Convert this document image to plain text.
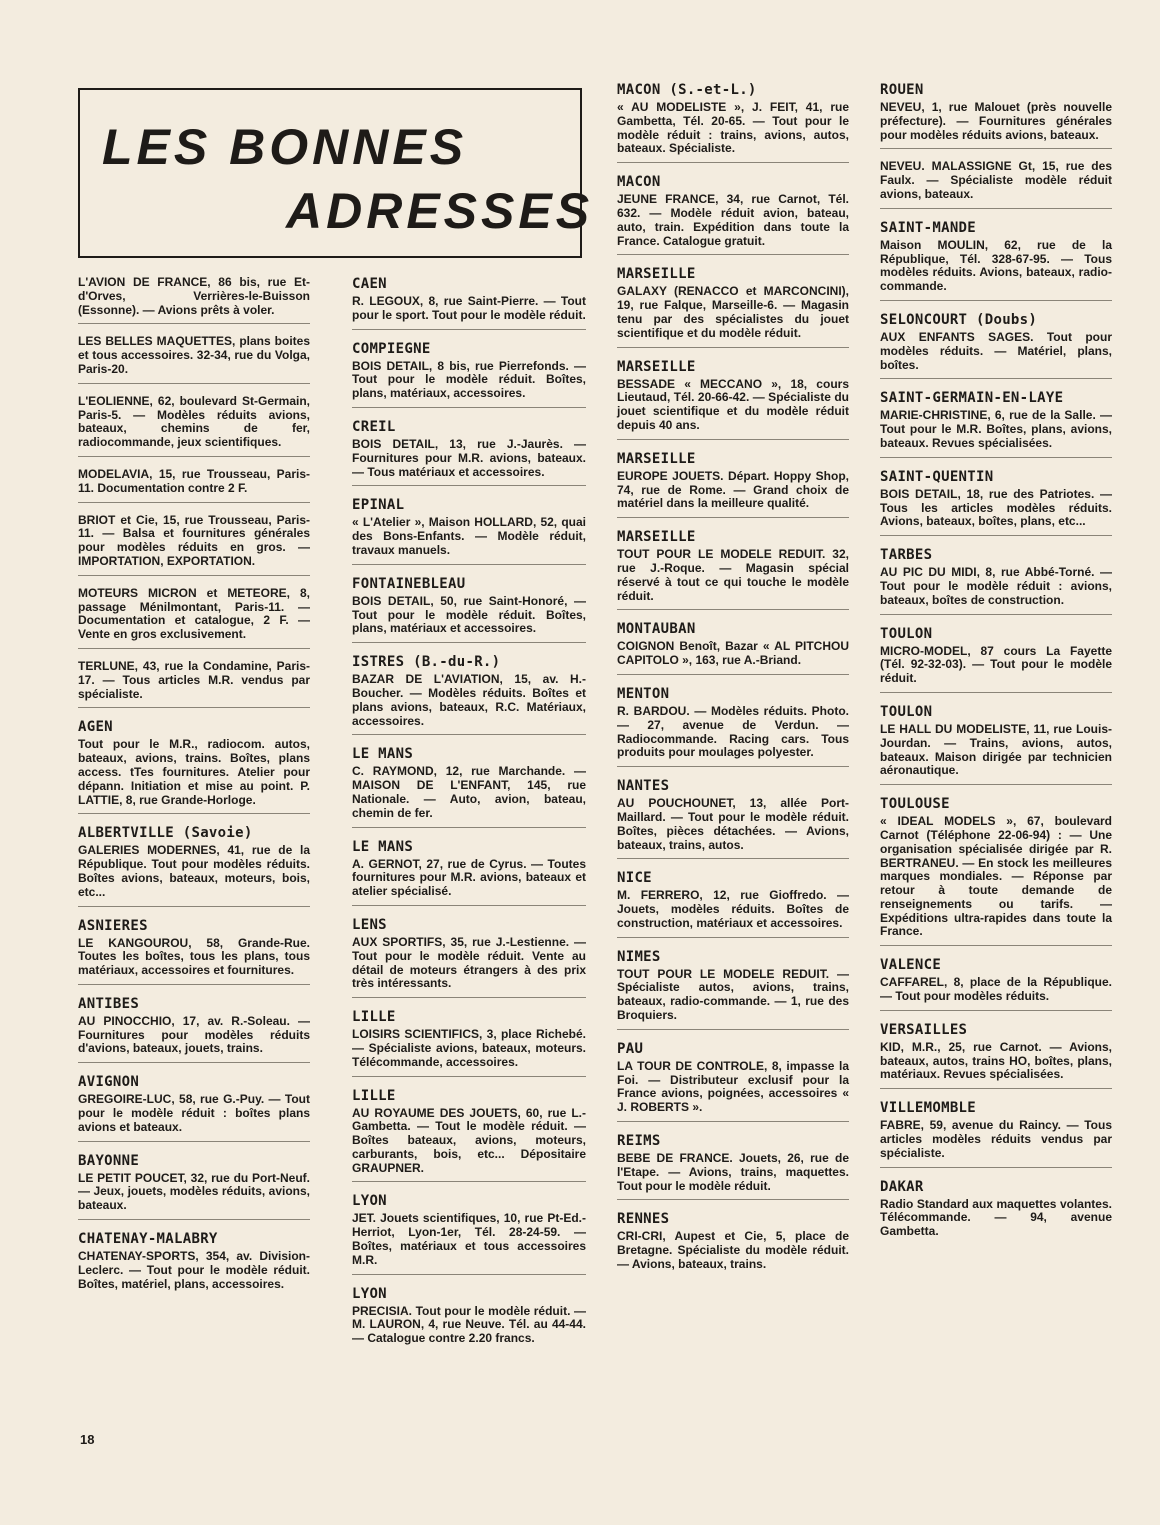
LES BONNES
ADRESSES

L'AVION DE FRANCE, 86 bis, rue Et-d'Orves, Verrières-le-Buisson (Essonne). — Avions prêts à voler.

LES BELLES MAQUETTES, plans boites et tous accessoires. 32-34, rue du Volga, Paris-20.

L'EOLIENNE, 62, boulevard St-Germain, Paris-5. — Modèles réduits avions, bateaux, chemins de fer, radiocommande, jeux scientifiques.

MODELAVIA, 15, rue Trousseau, Paris-11. Documentation contre 2 F.

BRIOT et Cie, 15, rue Trousseau, Paris-11. — Balsa et fournitures générales pour modèles réduits en gros. — IMPORTATION, EXPORTATION.

MOTEURS MICRON et METEORE, 8, passage Ménilmontant, Paris-11. — Documentation et catalogue, 2 F. — Vente en gros exclusivement.

TERLUNE, 43, rue la Condamine, Paris-17. — Tous articles M.R. vendus par spécialiste.

AGEN

Tout pour le M.R., radiocom. autos, bateaux, avions, trains. Boîtes, plans access. tTes fournitures. Atelier pour dépann. Initiation et mise au point. P. LATTIE, 8, rue Grande-Horloge.

ALBERTVILLE (Savoie)

GALERIES MODERNES, 41, rue de la République. Tout pour modèles réduits. Boîtes avions, bateaux, moteurs, bois, etc...

ASNIERES

LE KANGOUROU, 58, Grande-Rue. Toutes les boîtes, tous les plans, tous matériaux, accessoires et fournitures.

ANTIBES

AU PINOCCHIO, 17, av. R.-Soleau. — Fournitures pour modèles réduits d'avions, bateaux, jouets, trains.

AVIGNON

GREGOIRE-LUC, 58, rue G.-Puy. — Tout pour le modèle réduit : boîtes plans avions et bateaux.

BAYONNE

LE PETIT POUCET, 32, rue du Port-Neuf. — Jeux, jouets, modèles réduits, avions, bateaux.

CHATENAY-MALABRY

CHATENAY-SPORTS, 354, av. Division-Leclerc. — Tout pour le modèle réduit. Boîtes, matériel, plans, accessoires.

CAEN

R. LEGOUX, 8, rue Saint-Pierre. — Tout pour le sport. Tout pour le modèle réduit.

COMPIEGNE

BOIS DETAIL, 8 bis, rue Pierrefonds. — Tout pour le modèle réduit. Boîtes, plans, matériaux, accessoires.

CREIL

BOIS DETAIL, 13, rue J.-Jaurès. — Fournitures pour M.R. avions, bateaux. — Tous matériaux et accessoires.

EPINAL

« L'Atelier », Maison HOLLARD, 52, quai des Bons-Enfants. — Modèle réduit, travaux manuels.

FONTAINEBLEAU

BOIS DETAIL, 50, rue Saint-Honoré, — Tout pour le modèle réduit. Boîtes, plans, matériaux et accessoires.

ISTRES (B.-du-R.)

BAZAR DE L'AVIATION, 15, av. H.-Boucher. — Modèles réduits. Boîtes et plans avions, bateaux, R.C. Matériaux, accessoires.

LE MANS

C. RAYMOND, 12, rue Marchande. — MAISON DE L'ENFANT, 145, rue Nationale. — Auto, avion, bateau, chemin de fer.

LE MANS

A. GERNOT, 27, rue de Cyrus. — Toutes fournitures pour M.R. avions, bateaux et atelier spécialisé.

LENS

AUX SPORTIFS, 35, rue J.-Lestienne. — Tout pour le modèle réduit. Vente au détail de moteurs étrangers à des prix très intéressants.

LILLE

LOISIRS SCIENTIFICS, 3, place Richebé. — Spécialiste avions, bateaux, moteurs. Télécommande, accessoires.

LILLE

AU ROYAUME DES JOUETS, 60, rue L.-Gambetta. — Tout le modèle réduit. — Boîtes bateaux, avions, moteurs, carburants, bois, etc... Dépositaire GRAUPNER.

LYON

JET. Jouets scientifiques, 10, rue Pt-Ed.-Herriot, Lyon-1er, Tél. 28-24-59. — Boîtes, matériaux et tous accessoires M.R.

LYON

PRECISIA. Tout pour le modèle réduit. — M. LAURON, 4, rue Neuve. Tél. au 44-44. — Catalogue contre 2.20 francs.

MACON (S.-et-L.)

« AU MODELISTE », J. FEIT, 41, rue Gambetta, Tél. 20-65. — Tout pour le modèle réduit : trains, avions, autos, bateaux. Spécialiste.

MACON

JEUNE FRANCE, 34, rue Carnot, Tél. 632. — Modèle réduit avion, bateau, auto, train. Expédition dans toute la France. Catalogue gratuit.

MARSEILLE

GALAXY (RENACCO et MARCONCINI), 19, rue Falque, Marseille-6. — Magasin tenu par des spécialistes du jouet scientifique et du modèle réduit.

MARSEILLE

BESSADE « MECCANO », 18, cours Lieutaud, Tél. 20-66-42. — Spécialiste du jouet scientifique et du modèle réduit depuis 40 ans.

MARSEILLE

EUROPE JOUETS. Départ. Hoppy Shop, 74, rue de Rome. — Grand choix de matériel dans la meilleure qualité.

MARSEILLE

TOUT POUR LE MODELE REDUIT. 32, rue J.-Roque. — Magasin spécial réservé à tout ce qui touche le modèle réduit.

MONTAUBAN

COIGNON Benoît, Bazar « AL PITCHOU CAPITOLO », 163, rue A.-Briand.

MENTON

R. BARDOU. — Modèles réduits. Photo. — 27, avenue de Verdun. — Radiocommande. Racing cars. Tous produits pour moulages polyester.

NANTES

AU POUCHOUNET, 13, allée Port-Maillard. — Tout pour le modèle réduit. Boîtes, pièces détachées. — Avions, bateaux, trains, autos.

NICE

M. FERRERO, 12, rue Gioffredo. — Jouets, modèles réduits. Boîtes de construction, matériaux et accessoires.

NIMES

TOUT POUR LE MODELE REDUIT. — Spécialiste autos, avions, trains, bateaux, radio-commande. — 1, rue des Broquiers.

PAU

LA TOUR DE CONTROLE, 8, impasse la Foi. — Distributeur exclusif pour la France avions, poignées, accessoires « J. ROBERTS ».

REIMS

BEBE DE FRANCE. Jouets, 26, rue de l'Etape. — Avions, trains, maquettes. Tout pour le modèle réduit.

RENNES

CRI-CRI, Aupest et Cie, 5, place de Bretagne. Spécialiste du modèle réduit. — Avions, bateaux, trains.

ROUEN

NEVEU, 1, rue Malouet (près nouvelle préfecture). — Fournitures générales pour modèles réduits avions, bateaux.

NEVEU. MALASSIGNE Gt, 15, rue des Faulx. — Spécialiste modèle réduit avions, bateaux.

SAINT-MANDE

Maison MOULIN, 62, rue de la République, Tél. 328-67-95. — Tous modèles réduits. Avions, bateaux, radio-commande.

SELONCOURT (Doubs)

AUX ENFANTS SAGES. Tout pour modèles réduits. — Matériel, plans, boîtes.

SAINT-GERMAIN-EN-LAYE

MARIE-CHRISTINE, 6, rue de la Salle. — Tout pour le M.R. Boîtes, plans, avions, bateaux. Revues spécialisées.

SAINT-QUENTIN

BOIS DETAIL, 18, rue des Patriotes. — Tous les articles modèles réduits. Avions, bateaux, boîtes, plans, etc...

TARBES

AU PIC DU MIDI, 8, rue Abbé-Torné. — Tout pour le modèle réduit : avions, bateaux, boîtes de construction.

TOULON

MICRO-MODEL, 87 cours La Fayette (Tél. 92-32-03). — Tout pour le modèle réduit.

TOULON

LE HALL DU MODELISTE, 11, rue Louis-Jourdan. — Trains, avions, autos, bateaux. Maison dirigée par technicien aéronautique.

TOULOUSE

« IDEAL MODELS », 67, boulevard Carnot (Téléphone 22-06-94) : — Une organisation spécialisée dirigée par R. BERTRANEU. — En stock les meilleures marques mondiales. — Réponse par retour à toute demande de renseignements ou tarifs. — Expéditions ultra-rapides dans toute la France.

VALENCE

CAFFAREL, 8, place de la République. — Tout pour modèles réduits.

VERSAILLES

KID, M.R., 25, rue Carnot. — Avions, bateaux, autos, trains HO, boîtes, plans, matériaux. Revues spécialisées.

VILLEMOMBLE

FABRE, 59, avenue du Raincy. — Tous articles modèles réduits vendus par spécialiste.

DAKAR

Radio Standard aux maquettes volantes. Télécommande. — 94, avenue Gambetta.

18
